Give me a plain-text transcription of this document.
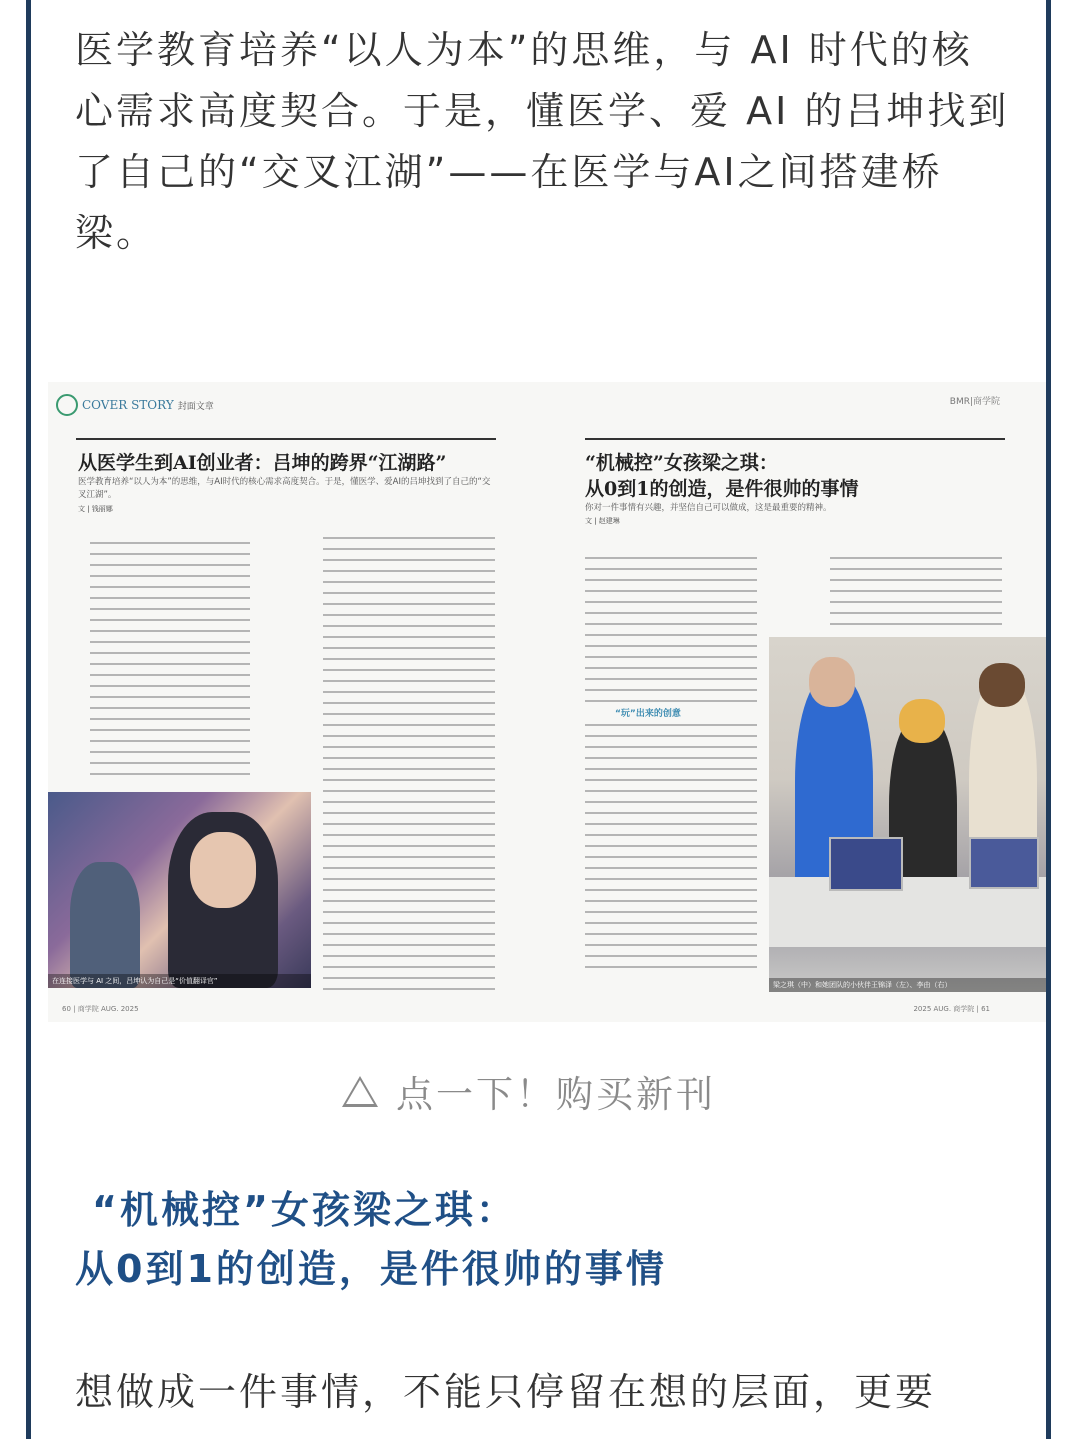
医学教育培养“以人为本”的思维，与 AI 时代的核心需求高度契合。于是，懂医学、爱 AI 的吕坤找到了自己的“交叉江湖”——在医学与AI之间搭建桥梁。

COVER STORY 封面文章	BMR|商学院
从医学生到AI创业者：吕坤的跨界“江湖路”
医学教育培养“以人为本”的思维，与AI时代的核心需求高度契合。于是，懂医学、爱AI的吕坤找到了自己的“交叉江湖”。
文 | 钱丽娜
“机械控”女孩梁之琪：
从0到1的创造，是件很帅的事情
你对一件事情有兴趣，并坚信自己可以做成，这是最重要的精神。
文 | 赵建琳
“玩”出来的创意
在连接医学与 AI 之间，吕坤认为自己是“价值翻译官”	梁之琪（中）和她团队的小伙伴王锦泽（左）、李由（右）
60 | 商学院 AUG. 2025	2025 AUG. 商学院 | 61
点一下！购买新刊
“机械控”女孩梁之琪：
从0到1的创造，是件很帅的事情

想做成一件事情，不能只停留在想的层面，更要
